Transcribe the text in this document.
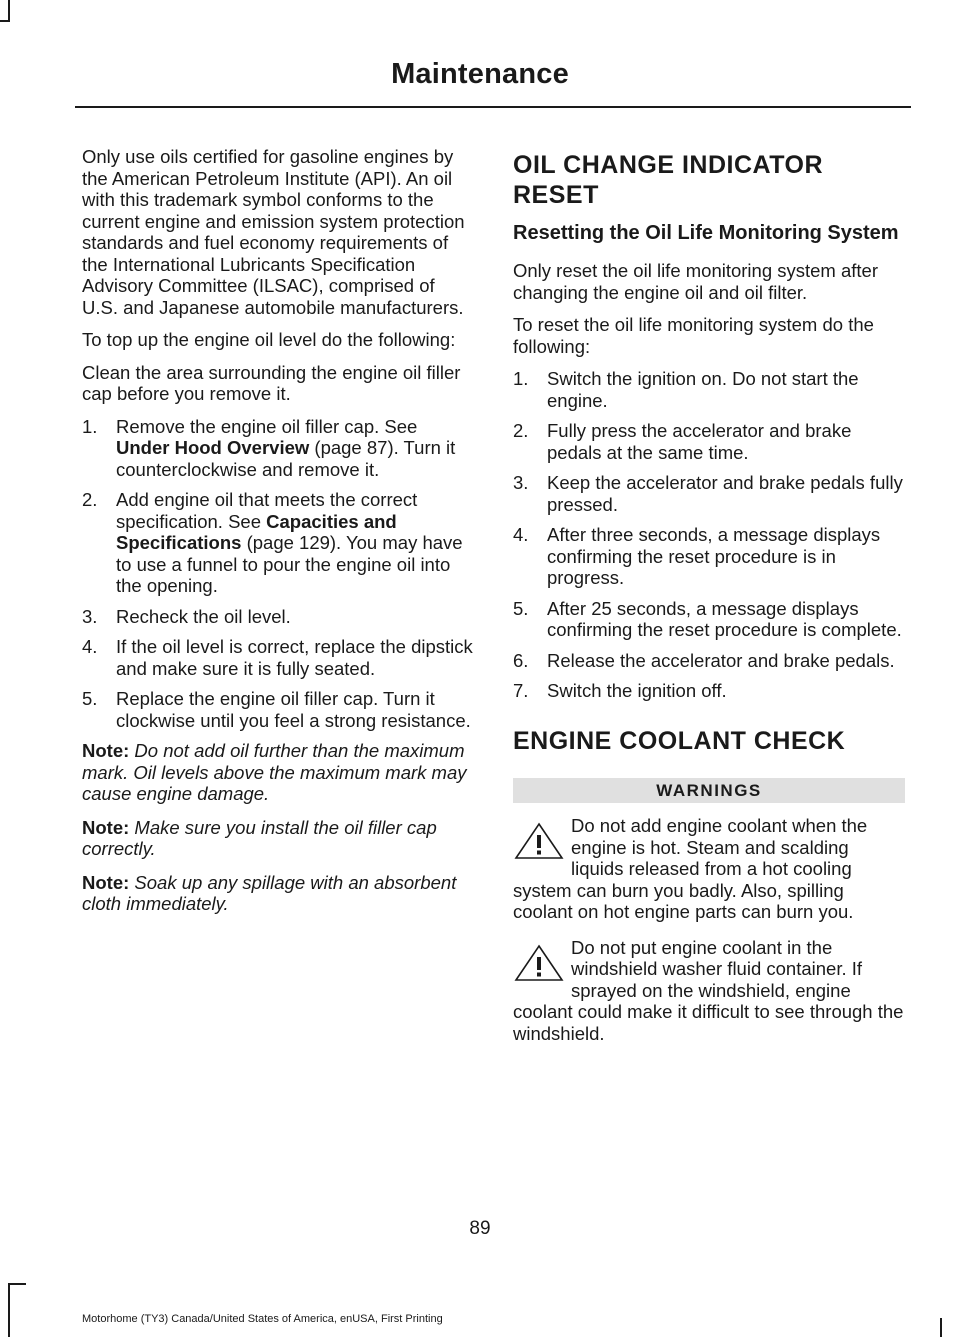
Maintenance

Only use oils certified for gasoline engines by the American Petroleum Institute (API). An oil with this trademark symbol conforms to the current engine and emission system protection standards and fuel economy requirements of the International Lubricants Specification Advisory Committee (ILSAC), comprised of U.S. and Japanese automobile manufacturers.

To top up the engine oil level do the following:

Clean the area surrounding the engine oil filler cap before you remove it.

1. Remove the engine oil filler cap. See Under Hood Overview (page 87). Turn it counterclockwise and remove it.
2. Add engine oil that meets the correct specification. See Capacities and Specifications (page 129). You may have to use a funnel to pour the engine oil into the opening.
3. Recheck the oil level.
4. If the oil level is correct, replace the dipstick and make sure it is fully seated.
5. Replace the engine oil filler cap. Turn it clockwise until you feel a strong resistance.
Note: Do not add oil further than the maximum mark. Oil levels above the maximum mark may cause engine damage.
Note: Make sure you install the oil filler cap correctly.
Note: Soak up any spillage with an absorbent cloth immediately.
OIL CHANGE INDICATOR RESET
Resetting the Oil Life Monitoring System

Only reset the oil life monitoring system after changing the engine oil and oil filter.

To reset the oil life monitoring system do the following:

1. Switch the ignition on. Do not start the engine.
2. Fully press the accelerator and brake pedals at the same time.
3. Keep the accelerator and brake pedals fully pressed.
4. After three seconds, a message displays confirming the reset procedure is in progress.
5. After 25 seconds, a message displays confirming the reset procedure is complete.
6. Release the accelerator and brake pedals.
7. Switch the ignition off.
ENGINE COOLANT CHECK
WARNINGS
Do not add engine coolant when the engine is hot. Steam and scalding liquids released from a hot cooling system can burn you badly. Also, spilling coolant on hot engine parts can burn you.
Do not put engine coolant in the windshield washer fluid container. If sprayed on the windshield, engine coolant could make it difficult to see through the windshield.
89
Motorhome (TY3) Canada/United States of America, enUSA, First Printing
